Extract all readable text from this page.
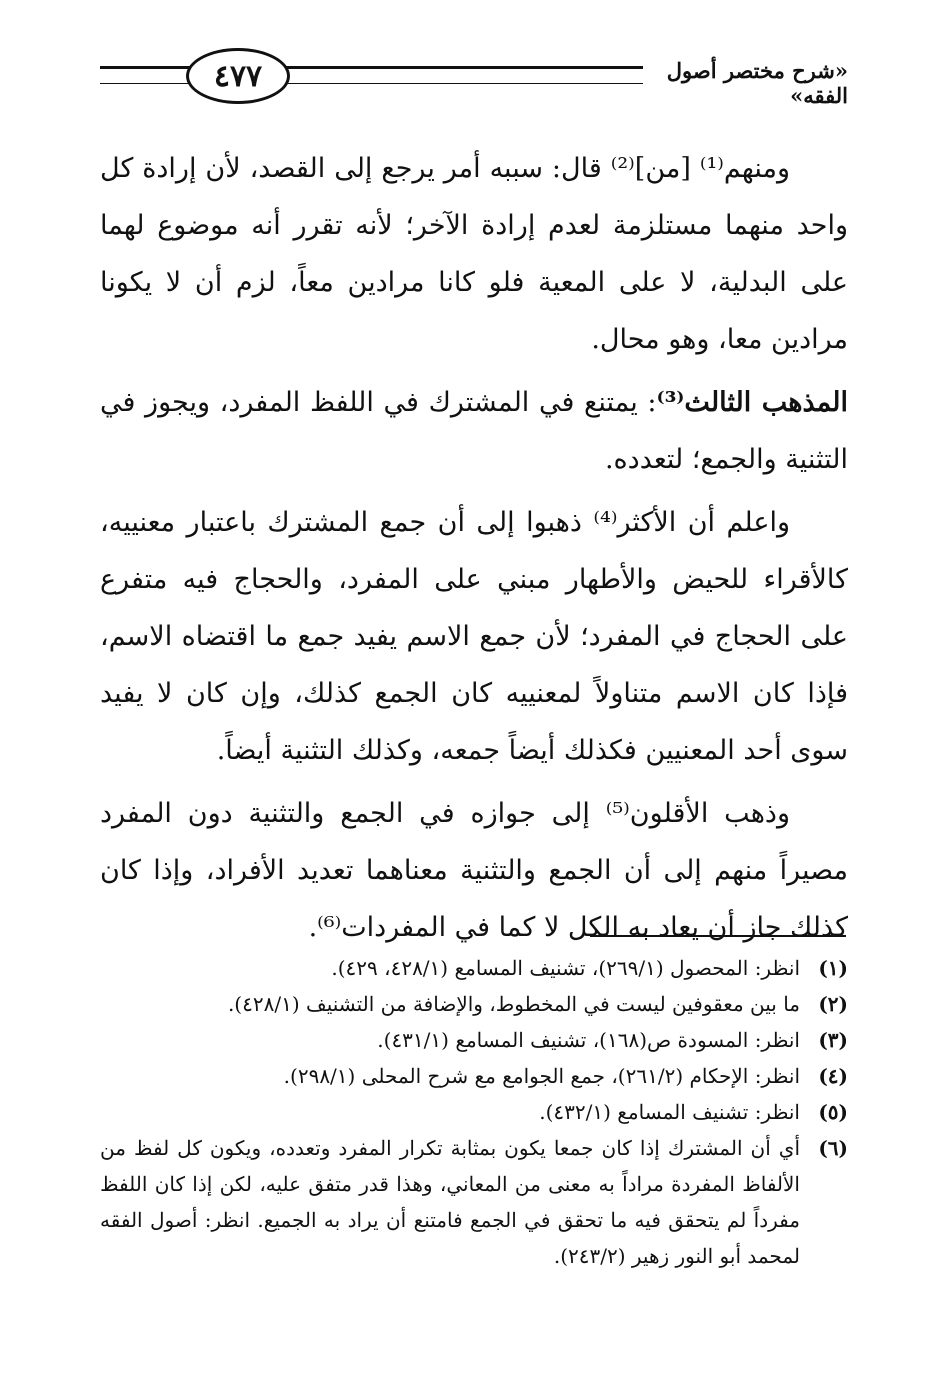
٤٧٧	«شرح مختصر أصول الفقه»

ومنهم⁽¹⁾ [من]⁽²⁾ قال: سببه أمر يرجع إلى القصد، لأن إرادة كل واحد منهما مستلزمة لعدم إرادة الآخر؛ لأنه تقرر أنه موضوع لهما على البدلية، لا على المعية فلو كانا مرادين معاً، لزم أن لا يكونا مرادين معا، وهو محال.

المذهب الثالث⁽³⁾: يمتنع في المشترك في اللفظ المفرد، ويجوز في التثنية والجمع؛ لتعدده.

واعلم أن الأكثر⁽⁴⁾ ذهبوا إلى أن جمع المشترك باعتبار معنييه، كالأقراء للحيض والأطهار مبني على المفرد، والحجاج فيه متفرع على الحجاج في المفرد؛ لأن جمع الاسم يفيد جمع ما اقتضاه الاسم، فإذا كان الاسم متناولاً لمعنييه كان الجمع كذلك، وإن كان لا يفيد سوى أحد المعنيين فكذلك أيضاً جمعه، وكذلك التثنية أيضاً.

وذهب الأقلون⁽⁵⁾ إلى جوازه في الجمع والتثنية دون المفرد مصيراً منهم إلى أن الجمع والتثنية معناهما تعديد الأفراد، وإذا كان كذلك جاز أن يعاد به الكل لا كما في المفردات⁽⁶⁾.

(١)
انظر: المحصول (٢٦٩/١)، تشنيف المسامع (٤٢٨/١، ٤٢٩).
(٢)
ما بين معقوفين ليست في المخطوط، والإضافة من التشنيف (٤٢٨/١).
(٣)
انظر: المسودة ص(١٦٨)، تشنيف المسامع (٤٣١/١).
(٤)
انظر: الإحكام (٢٦١/٢)، جمع الجوامع مع شرح المحلى (٢٩٨/١).
(٥)
انظر: تشنيف المسامع (٤٣٢/١).
(٦)
أي أن المشترك إذا كان جمعا يكون بمثابة تكرار المفرد وتعدده، ويكون كل لفظ من الألفاظ المفردة مراداً به معنى من المعاني، وهذا قدر متفق عليه، لكن إذا كان اللفظ مفرداً لم يتحقق فيه ما تحقق في الجمع فامتنع أن يراد به الجميع. انظر: أصول الفقه لمحمد أبو النور زهير (٢٤٣/٢).
